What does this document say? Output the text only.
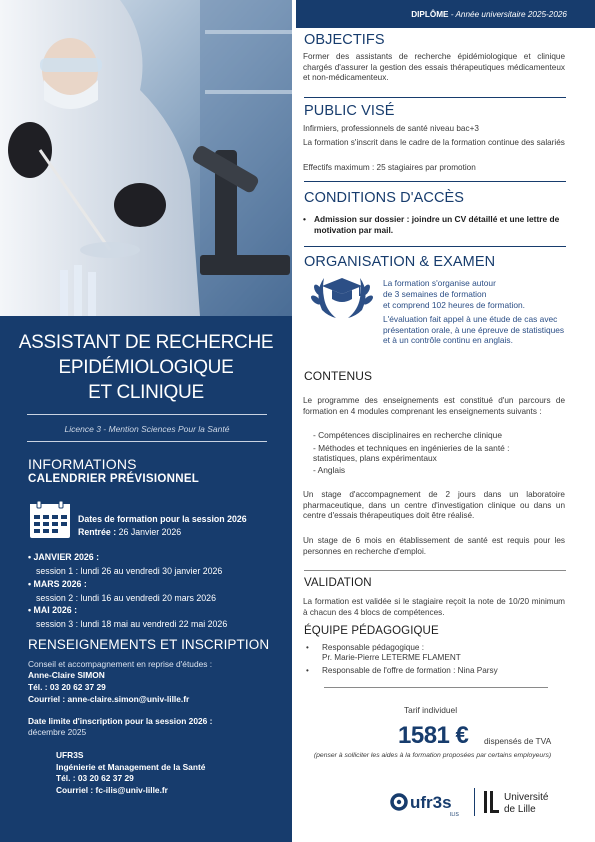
ASSISTANT DE RECHERCHE
EPIDÉMIOLOGIQUE
ET CLINIQUE
Licence 3 - Mention Sciences Pour la Santé
INFORMATIONS
CALENDRIER PRÉVISIONNEL
Dates de formation pour la session 2026
Rentrée : 26 Janvier 2026
• JANVIER 2026 :
session 1 : lundi 26 au vendredi 30 janvier 2026
• MARS 2026 :
session 2 : lundi 16 au vendredi 20 mars 2026
• MAI 2026 :
session 3 : lundi 18 mai au vendredi 22 mai 2026
RENSEIGNEMENTS ET INSCRIPTION
Conseil et accompagnement en reprise d'études :
Anne-Claire SIMON
Tél. : 03 20 62 37 29
Courriel : anne-claire.simon@univ-lille.fr
Date limite d'inscription pour la session 2026 :
décembre 2025
UFR3S
Ingénierie et Management de la Santé
Tél. : 03 20 62 37 29
Courriel : fc-ilis@univ-lille.fr
DIPLÔME - Année universitaire 2025-2026
OBJECTIFS
Former des assistants de recherche épidémiologique et clinique chargés d'assurer la gestion des essais thérapeutiques médicamenteux et non-médicamenteux.
PUBLIC VISÉ
Infirmiers, professionnels de santé niveau bac+3
La formation s'inscrit dans le cadre de la formation continue des salariés
Effectifs maximum : 25 stagiaires par promotion
CONDITIONS D'ACCÈS
• Admission sur dossier : joindre un CV détaillé et une lettre de motivation par mail.
ORGANISATION & EXAMEN
La formation s'organise autour
de 3 semaines de formation
et comprend 102 heures de formation.
L'évaluation fait appel à une étude de cas avec présentation orale, à une épreuve de statistiques et à un contrôle continu en anglais.
CONTENUS
Le programme des enseignements est constitué d'un parcours de formation en 4 modules comprenant les enseignements suivants :
- Compétences disciplinaires en recherche clinique
- Méthodes et techniques en ingénieries de la santé :
statistiques, plans expérimentaux
- Anglais
Un stage d'accompagnement de 2 jours dans un laboratoire pharmaceutique, dans un centre d'investigation clinique ou dans un centre d'essais thérapeutiques doit être réalisé.
Un stage de 6 mois en établissement de santé est requis pour les personnes en recherche d'emploi.
VALIDATION
La formation est validée si le stagiaire reçoit la note de 10/20 minimum à chacun des 4 blocs de compétences.
ÉQUIPE PÉDAGOGIQUE
• Responsable pédagogique :
Pr. Marie-Pierre LETERME FLAMENT
• Responsable de l'offre de formation : Nina Parsy
Tarif individuel
1581 € dispensés de TVA
(penser à solliciter les aides à la formation proposées par certains employeurs)
ufr3s
ILIS
Université
de Lille
